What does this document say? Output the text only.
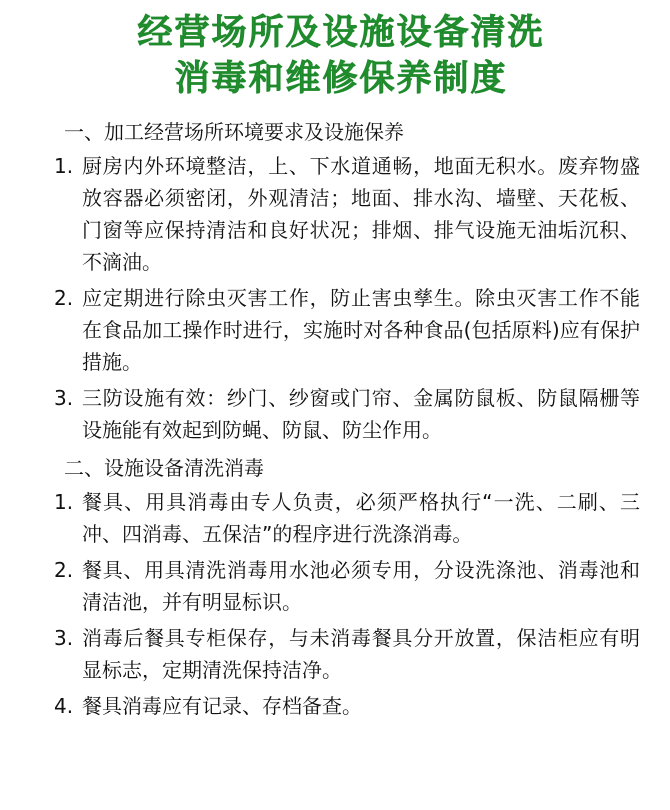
经营场所及设施设备清洗
消毒和维修保养制度
一、加工经营场所环境要求及设施保养
1. 厨房内外环境整洁，上、下水道通畅，地面无积水。废弃物盛放容器必须密闭，外观清洁；地面、排水沟、墙壁、天花板、门窗等应保持清洁和良好状况；排烟、排气设施无油垢沉积、不滴油。
2. 应定期进行除虫灭害工作，防止害虫孳生。除虫灭害工作不能在食品加工操作时进行，实施时对各种食品(包括原料)应有保护措施。
3. 三防设施有效：纱门、纱窗或门帘、金属防鼠板、防鼠隔栅等设施能有效起到防蝇、防鼠、防尘作用。
二、设施设备清洗消毒
1. 餐具、用具消毒由专人负责，必须严格执行“一洗、二刷、三冲、四消毒、五保洁”的程序进行洗涤消毒。
2. 餐具、用具清洗消毒用水池必须专用，分设洗涤池、消毒池和清洁池，并有明显标识。
3. 消毒后餐具专柜保存，与未消毒餐具分开放置，保洁柜应有明显标志，定期清洗保持洁净。
4. 餐具消毒应有记录、存档备查。
